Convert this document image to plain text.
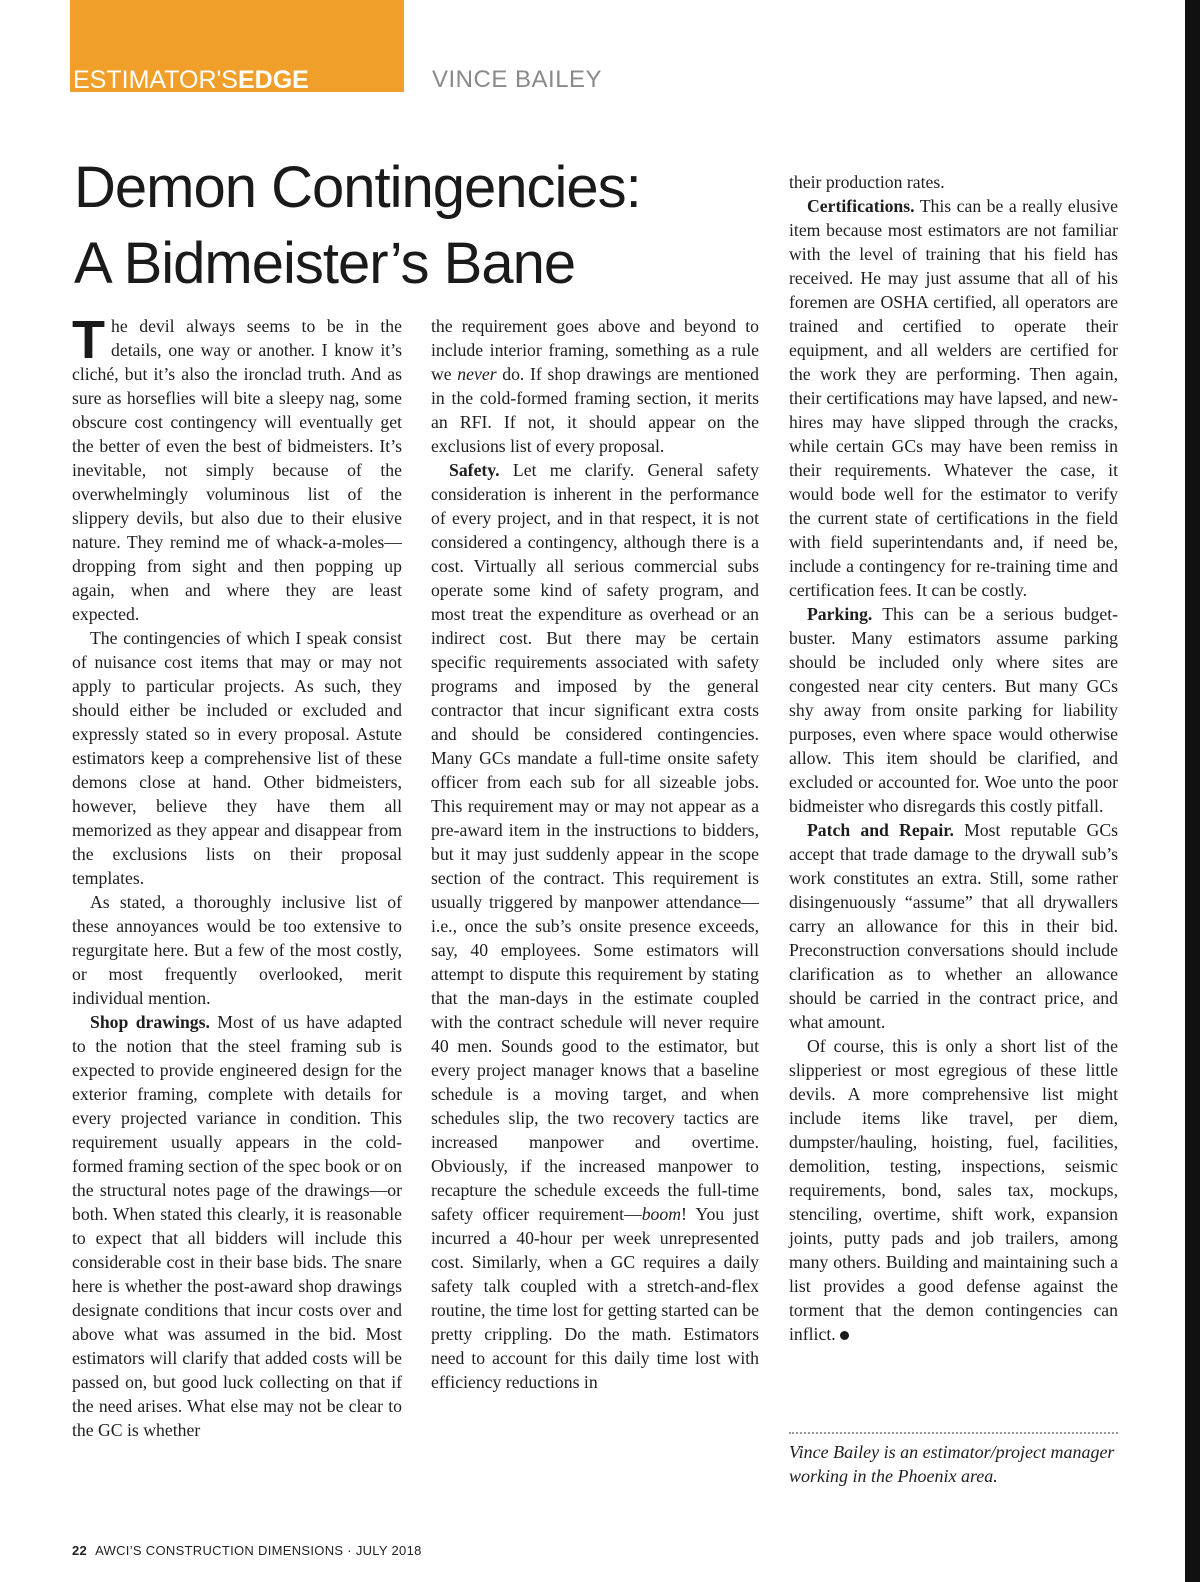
ESTIMATOR'SEDGE	VINCE BAILEY
Demon Contingencies:
A Bidmeister’s Bane

The devil always seems to be in the details, one way or another. I know it’s cliché, but it’s also the ironclad truth. And as sure as horseflies will bite a sleepy nag, some obscure cost contingency will eventually get the better of even the best of bidmeisters. It’s inevitable, not simply because of the overwhelmingly voluminous list of the slippery devils, but also due to their elusive nature. They remind me of whack-a-moles—dropping from sight and then popping up again, when and where they are least expected.

The contingencies of which I speak consist of nuisance cost items that may or may not apply to particular projects. As such, they should either be included or excluded and expressly stated so in every proposal. Astute estimators keep a comprehensive list of these demons close at hand. Other bidmeisters, however, believe they have them all memorized as they appear and disappear from the exclusions lists on their proposal templates.

As stated, a thoroughly inclusive list of these annoyances would be too extensive to regurgitate here. But a few of the most costly, or most frequently overlooked, merit individual mention.

Shop drawings. Most of us have adapted to the notion that the steel framing sub is expected to provide engineered design for the exterior framing, complete with details for every projected variance in condition. This requirement usually appears in the cold-formed framing section of the spec book or on the structural notes page of the drawings—or both. When stated this clearly, it is reasonable to expect that all bidders will include this considerable cost in their base bids. The snare here is whether the post-award shop drawings designate conditions that incur costs over and above what was assumed in the bid. Most estimators will clarify that added costs will be passed on, but good luck collecting on that if the need arises. What else may not be clear to the GC is whether

the requirement goes above and beyond to include interior framing, something as a rule we never do. If shop drawings are mentioned in the cold-formed framing section, it merits an RFI. If not, it should appear on the exclusions list of every proposal.

Safety. Let me clarify. General safety consideration is inherent in the performance of every project, and in that respect, it is not considered a contingency, although there is a cost. Virtually all serious commercial subs operate some kind of safety program, and most treat the expenditure as overhead or an indirect cost. But there may be certain specific requirements associated with safety programs and imposed by the general contractor that incur significant extra costs and should be considered contingencies. Many GCs mandate a full-time onsite safety officer from each sub for all sizeable jobs. This requirement may or may not appear as a pre-award item in the instructions to bidders, but it may just suddenly appear in the scope section of the contract. This requirement is usually triggered by manpower attendance—i.e., once the sub’s onsite presence exceeds, say, 40 employees. Some estimators will attempt to dispute this requirement by stating that the man-days in the estimate coupled with the contract schedule will never require 40 men. Sounds good to the estimator, but every project manager knows that a baseline schedule is a moving target, and when schedules slip, the two recovery tactics are increased manpower and overtime. Obviously, if the increased manpower to recapture the schedule exceeds the full-time safety officer requirement—boom! You just incurred a 40-hour per week unrepresented cost. Similarly, when a GC requires a daily safety talk coupled with a stretch-and-flex routine, the time lost for getting started can be pretty crippling. Do the math. Estimators need to account for this daily time lost with efficiency reductions in

their production rates.

Certifications. This can be a really elusive item because most estimators are not familiar with the level of training that his field has received. He may just assume that all of his foremen are OSHA certified, all operators are trained and certified to operate their equipment, and all welders are certified for the work they are performing. Then again, their certifications may have lapsed, and new-hires may have slipped through the cracks, while certain GCs may have been remiss in their requirements. Whatever the case, it would bode well for the estimator to verify the current state of certifications in the field with field superintendants and, if need be, include a contingency for re-training time and certification fees. It can be costly.

Parking. This can be a serious budget-buster. Many estimators assume parking should be included only where sites are congested near city centers. But many GCs shy away from onsite parking for liability purposes, even where space would otherwise allow. This item should be clarified, and excluded or accounted for. Woe unto the poor bidmeister who disregards this costly pitfall.

Patch and Repair. Most reputable GCs accept that trade damage to the drywall sub’s work constitutes an extra. Still, some rather disingenuously “assume” that all drywallers carry an allowance for this in their bid. Preconstruction conversations should include clarification as to whether an allowance should be carried in the contract price, and what amount.

Of course, this is only a short list of the slipperiest or most egregious of these little devils. A more comprehensive list might include items like travel, per diem, dumpster/hauling, hoisting, fuel, facilities, demolition, testing, inspections, seismic requirements, bond, sales tax, mockups, stenciling, overtime, shift work, expansion joints, putty pads and job trailers, among many others. Building and maintaining such a list provides a good defense against the torment that the demon contingencies can inflict.

Vince Bailey is an estimator/project manager working in the Phoenix area.
22 AWCI’S CONSTRUCTION DIMENSIONS · JULY 2018
